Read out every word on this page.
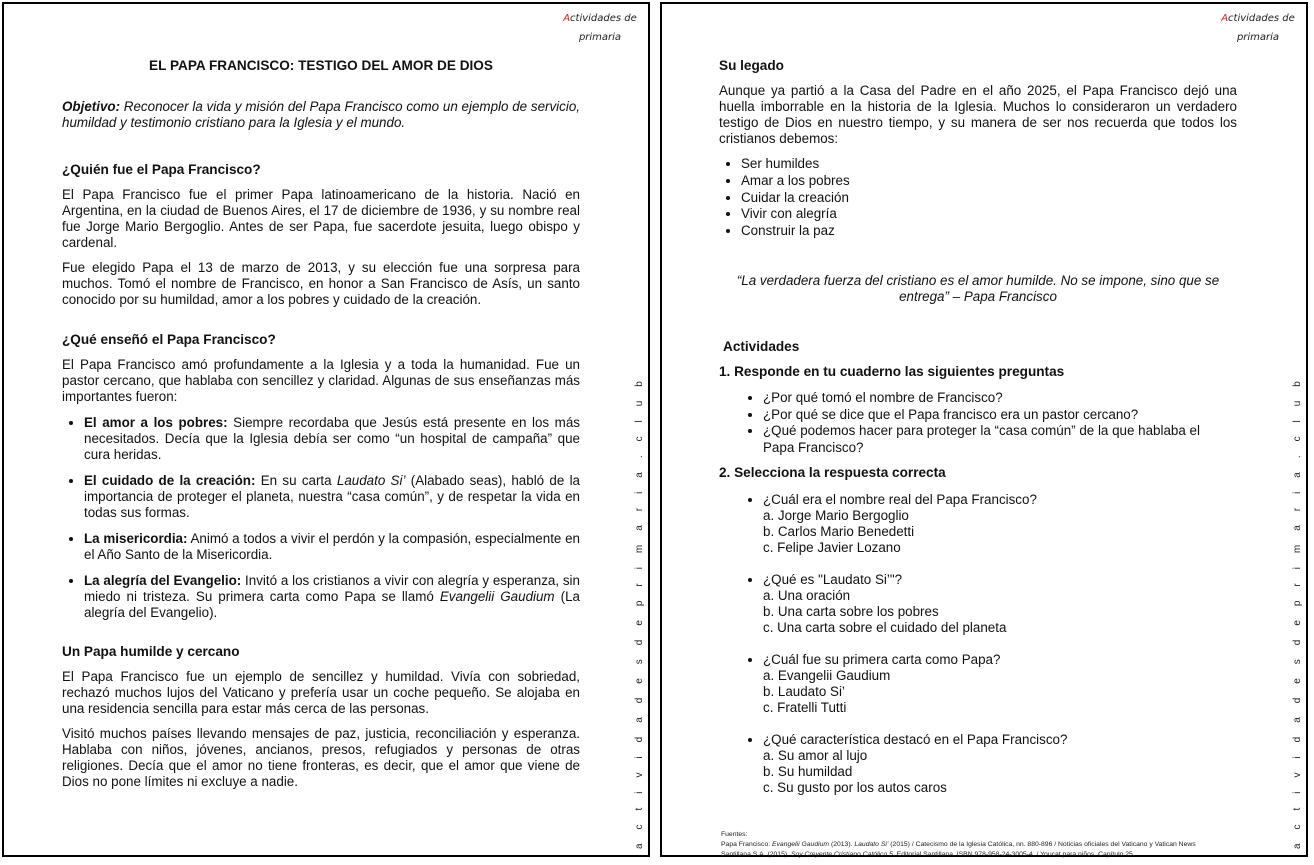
Actividades de
primaria
a c t i v i d a d e s d e p r i m a r i a . c l u b
EL PAPA FRANCISCO: TESTIGO DEL AMOR DE DIOS
Objetivo: Reconocer la vida y misión del Papa Francisco como un ejemplo de servicio, humildad y testimonio cristiano para la Iglesia y el mundo.
¿Quién fue el Papa Francisco?
El Papa Francisco fue el primer Papa latinoamericano de la historia. Nació en Argentina, en la ciudad de Buenos Aires, el 17 de diciembre de 1936, y su nombre real fue Jorge Mario Bergoglio. Antes de ser Papa, fue sacerdote jesuita, luego obispo y cardenal.
Fue elegido Papa el 13 de marzo de 2013, y su elección fue una sorpresa para muchos. Tomó el nombre de Francisco, en honor a San Francisco de Asís, un santo conocido por su humildad, amor a los pobres y cuidado de la creación.
¿Qué enseñó el Papa Francisco?
El Papa Francisco amó profundamente a la Iglesia y a toda la humanidad. Fue un pastor cercano, que hablaba con sencillez y claridad. Algunas de sus enseñanzas más importantes fueron:
• El amor a los pobres: Siempre recordaba que Jesús está presente en los más necesitados. Decía que la Iglesia debía ser como “un hospital de campaña” que cura heridas.
• El cuidado de la creación: En su carta Laudato Si’ (Alabado seas), habló de la importancia de proteger el planeta, nuestra “casa común”, y de respetar la vida en todas sus formas.
• La misericordia: Animó a todos a vivir el perdón y la compasión, especialmente en el Año Santo de la Misericordia.
• La alegría del Evangelio: Invitó a los cristianos a vivir con alegría y esperanza, sin miedo ni tristeza. Su primera carta como Papa se llamó Evangelii Gaudium (La alegría del Evangelio).
Un Papa humilde y cercano
El Papa Francisco fue un ejemplo de sencillez y humildad. Vivía con sobriedad, rechazó muchos lujos del Vaticano y prefería usar un coche pequeño. Se alojaba en una residencia sencilla para estar más cerca de las personas.
Visitó muchos países llevando mensajes de paz, justicia, reconciliación y esperanza. Hablaba con niños, jóvenes, ancianos, presos, refugiados y personas de otras religiones. Decía que el amor no tiene fronteras, es decir, que el amor que viene de Dios no pone límites ni excluye a nadie.
Actividades de
primaria
a c t i v i d a d e s d e p r i m a r i a . c l u b
Su legado
Aunque ya partió a la Casa del Padre en el año 2025, el Papa Francisco dejó una huella imborrable en la historia de la Iglesia. Muchos lo consideraron un verdadero testigo de Dios en nuestro tiempo, y su manera de ser nos recuerda que todos los cristianos debemos:
• Ser humildes
• Amar a los pobres
• Cuidar la creación
• Vivir con alegría
• Construir la paz
“La verdadera fuerza del cristiano es el amor humilde. No se impone, sino que se entrega” – Papa Francisco
Actividades
1. Responde en tu cuaderno las siguientes preguntas
• ¿Por qué tomó el nombre de Francisco?
• ¿Por qué se dice que el Papa francisco era un pastor cercano?
• ¿Qué podemos hacer para proteger la “casa común” de la que hablaba el Papa Francisco?
2. Selecciona la respuesta correcta
• ¿Cuál era el nombre real del Papa Francisco?
a. Jorge Mario Bergoglio
b. Carlos Mario Benedetti
c. Felipe Javier Lozano
• ¿Qué es "Laudato Si’"?
a. Una oración
b. Una carta sobre los pobres
c. Una carta sobre el cuidado del planeta
• ¿Cuál fue su primera carta como Papa?
a. Evangelii Gaudium
b. Laudato Si’
c. Fratelli Tutti
• ¿Qué característica destacó en el Papa Francisco?
a. Su amor al lujo
b. Su humildad
c. Su gusto por los autos caros
Fuentes:
Papa Francisco: Evangelii Gaudium (2013). Laudato Si’ (2015) / Catecismo de la Iglesia Católica, nn. 880-896 / Noticias oficiales del Vaticano y Vatican News
Santillana S.A. (2015). Soy Creyente Cristiano Católico 5. Editorial Santillana. ISBN 978-958-24-3005-4. / Youcat para niños, Capítulo 25.
